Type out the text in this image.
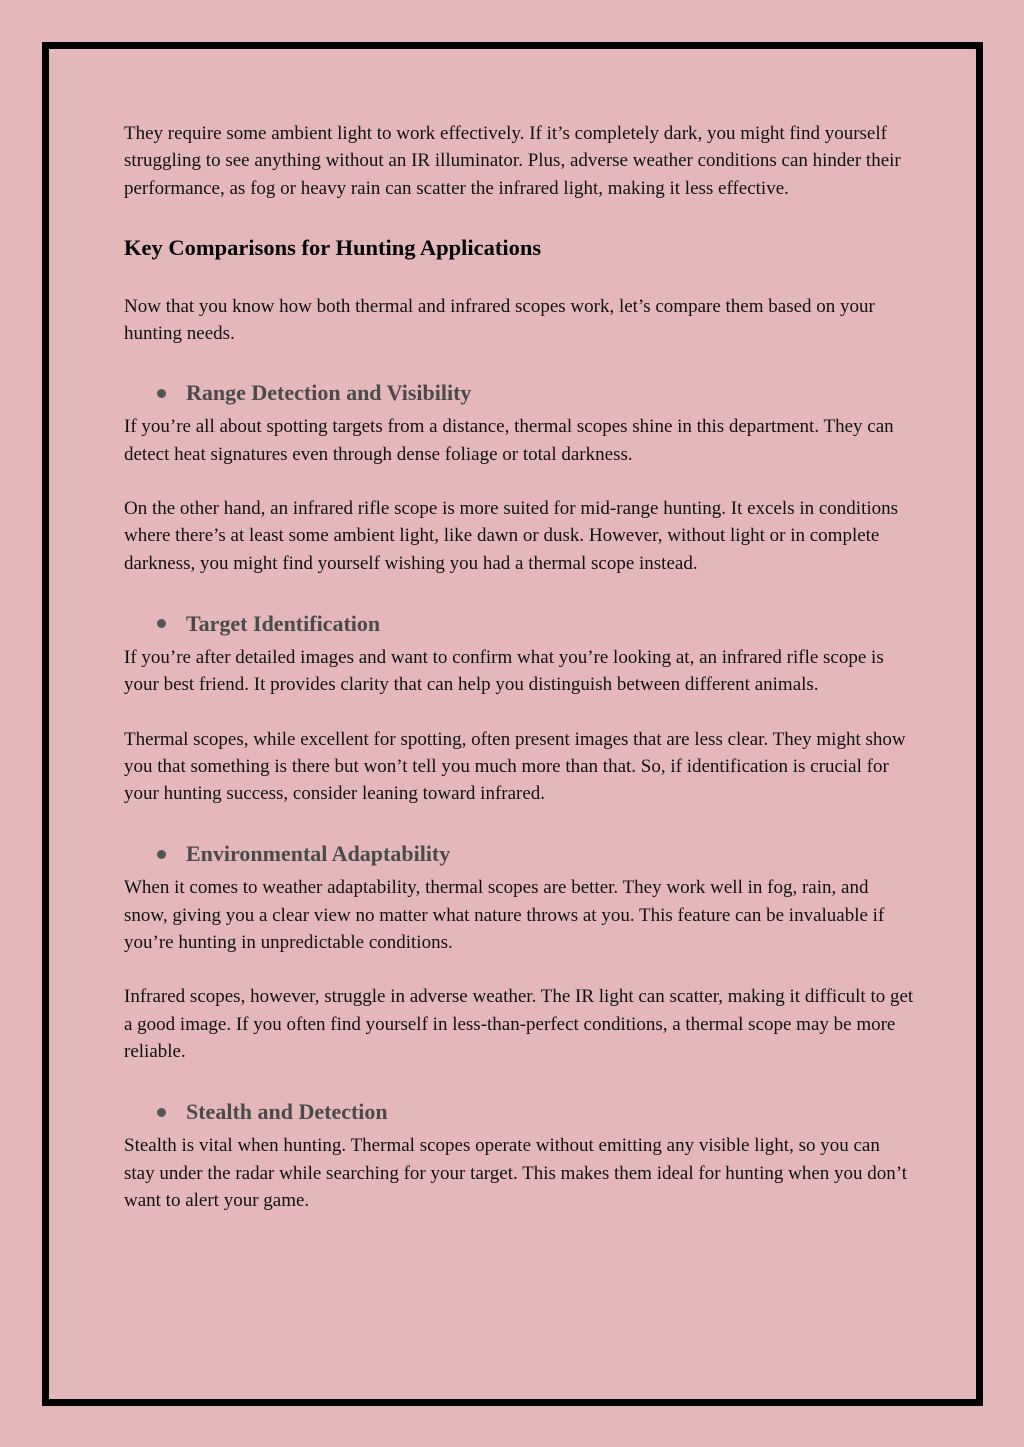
They require some ambient light to work effectively. If it’s completely dark, you might find yourself struggling to see anything without an IR illuminator. Plus, adverse weather conditions can hinder their performance, as fog or heavy rain can scatter the infrared light, making it less effective.

Key Comparisons for Hunting Applications

Now that you know how both thermal and infrared scopes work, let’s compare them based on your hunting needs.

Range Detection and Visibility

If you’re all about spotting targets from a distance, thermal scopes shine in this department. They can detect heat signatures even through dense foliage or total darkness.

On the other hand, an infrared rifle scope is more suited for mid-range hunting. It excels in conditions where there’s at least some ambient light, like dawn or dusk. However, without light or in complete darkness, you might find yourself wishing you had a thermal scope instead.

Target Identification

If you’re after detailed images and want to confirm what you’re looking at, an infrared rifle scope is your best friend. It provides clarity that can help you distinguish between different animals.

Thermal scopes, while excellent for spotting, often present images that are less clear. They might show you that something is there but won’t tell you much more than that. So, if identification is crucial for your hunting success, consider leaning toward infrared.

Environmental Adaptability

When it comes to weather adaptability, thermal scopes are better. They work well in fog, rain, and snow, giving you a clear view no matter what nature throws at you. This feature can be invaluable if you’re hunting in unpredictable conditions.

Infrared scopes, however, struggle in adverse weather. The IR light can scatter, making it difficult to get a good image. If you often find yourself in less-than-perfect conditions, a thermal scope may be more reliable.

Stealth and Detection

Stealth is vital when hunting. Thermal scopes operate without emitting any visible light, so you can stay under the radar while searching for your target. This makes them ideal for hunting when you don’t want to alert your game.
